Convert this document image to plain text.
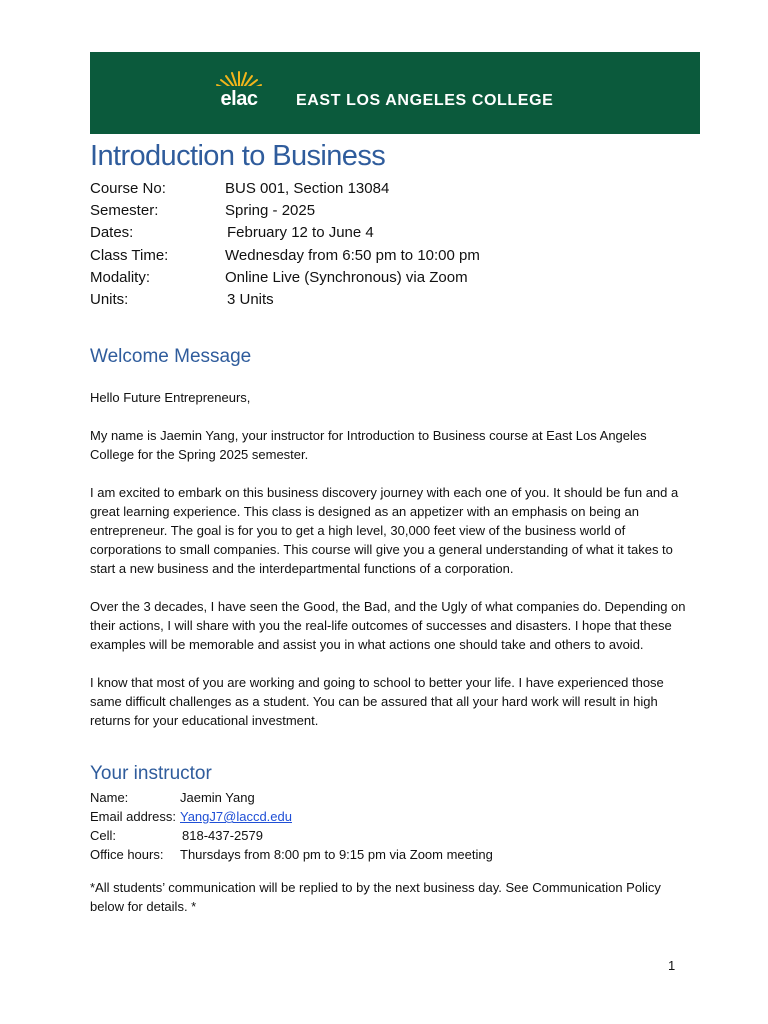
elac	EAST LOS ANGELES COLLEGE
Introduction to Business
Course No:	BUS 001, Section 13084
Semester:	Spring - 2025
Dates:	February 12 to June 4
Class Time:	Wednesday from 6:50 pm to 10:00 pm
Modality:	Online Live (Synchronous) via Zoom
Units:	3 Units
Welcome Message

Hello Future Entrepreneurs,

My name is Jaemin Yang, your instructor for Introduction to Business course at East Los Angeles College for the Spring 2025 semester.

I am excited to embark on this business discovery journey with each one of you. It should be fun and a great learning experience. This class is designed as an appetizer with an emphasis on being an entrepreneur. The goal is for you to get a high level, 30,000 feet view of the business world of corporations to small companies. This course will give you a general understanding of what it takes to start a new business and the interdepartmental functions of a corporation.

Over the 3 decades, I have seen the Good, the Bad, and the Ugly of what companies do. Depending on their actions, I will share with you the real-life outcomes of successes and disasters. I hope that these examples will be memorable and assist you in what actions one should take and others to avoid.

I know that most of you are working and going to school to better your life. I have experienced those same difficult challenges as a student. You can be assured that all your hard work will result in high returns for your educational investment.

Your instructor
Name:	Jaemin Yang
Email address: YangJ7@laccd.edu
Cell:	818-437-2579
Office hours:	Thursdays from 8:00 pm to 9:15 pm via Zoom meeting
*All students’ communication will be replied to by the next business day. See Communication Policy below for details. *
1
